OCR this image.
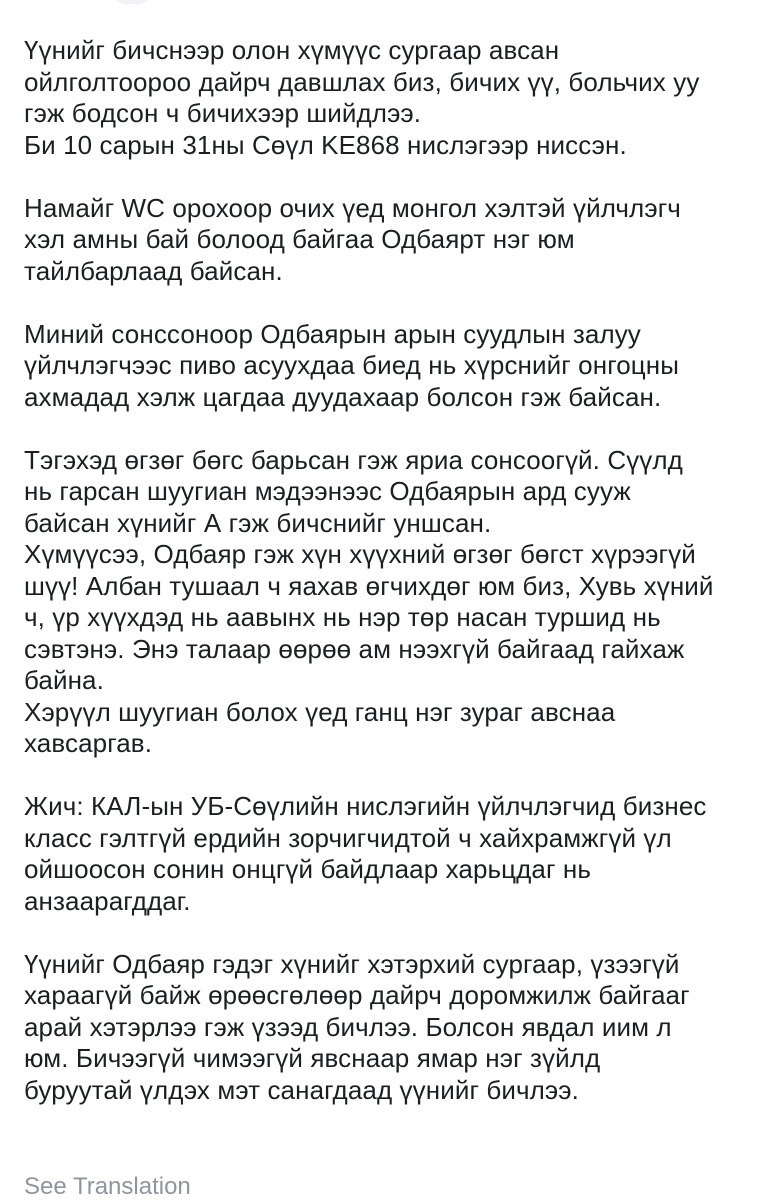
Үүнийг бичснээр олон хүмүүс сургаар авсан
ойлголтоороо дайрч давшлах биз, бичих үү, больчих уу
гэж бодсон ч бичихээр шийдлээ.
Би 10 сарын 31ны Сөүл KE868 нислэгээр ниссэн.
Намайг WC орохоор очих үед монгол хэлтэй үйлчлэгч
хэл амны бай болоод байгаа Одбаярт нэг юм
тайлбарлаад байсан.
Миний сонссоноор Одбаярын арын суудлын залуу
үйлчлэгчээс пиво асуухдаа биед нь хүрснийг онгоцны
ахмадад хэлж цагдаа дуудахаар болсон гэж байсан.
Тэгэхэд өгзөг бөгс барьсан гэж яриа сонсоогүй. Сүүлд
нь гарсан шуугиан мэдээнээс Одбаярын ард сууж
байсан хүнийг А гэж бичснийг уншсан.
Хүмүүсээ, Одбаяр гэж хүн хүүхний өгзөг бөгст хүрээгүй
шүү! Албан тушаал ч яахав өгчихдөг юм биз, Хувь хүний
ч, үр хүүхдэд нь аавынх нь нэр төр насан туршид нь
сэвтэнэ. Энэ талаар өөрөө ам нээхгүй байгаад гайхаж
байна.
Хэрүүл шуугиан болох үед ганц нэг зураг авснаа
хавсаргав.
Жич: КАЛ-ын УБ-Сөүлийн нислэгийн үйлчлэгчид бизнес
класс гэлтгүй ердийн зорчигчидтой ч хайхрамжгүй үл
ойшоосон сонин онцгүй байдлаар харьцдаг нь
анзаарагддаг.
Үүнийг Одбаяр гэдэг хүнийг хэтэрхий сургаар, үзээгүй
хараагүй байж өрөөсгөлөөр дайрч доромжилж байгааг
арай хэтэрлээ гэж үзээд бичлээ. Болсон явдал иим л
юм. Бичээгүй чимээгүй явснаар ямар нэг зүйлд
буруутай үлдэх мэт санагдаад үүнийг бичлээ.
See Translation
